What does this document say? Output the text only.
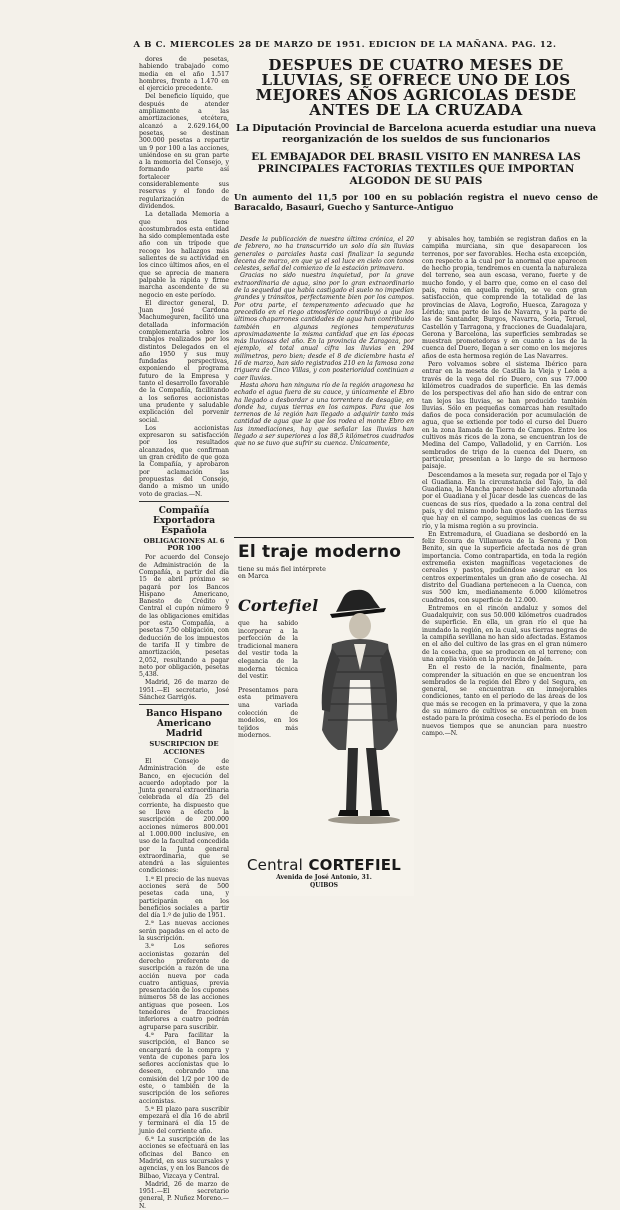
A B C. MIERCOLES 28 DE MARZO DE 1951. EDICION DE LA MAÑANA. PAG. 12.

dores de pesetas, habiendo trabajado como media en el año 1.517 hombres, frente a 1.470 en el ejercicio precedente.

Del beneficio líquido, que después de atender ampliamente a las amortizaciones, etcétera, alcanzó a 2.629.164,00 pesetas, se destinan 300.000 pesetas a repartir un 9 por 100 a las acciones, uniéndose en su gran parte a la memoria del Consejo, y formando parte así fortalecer considerablemente sus reservas y el fondo de regularización de dividendos.

La detallada Memoria a que nos tiene acostumbrados esta entidad ha sido complementada este año con un trípode que recoge los hallazgos más salientes de su actividad en los cinco últimos años, en el que se aprecia de manera palpable la rápida y firme marcha ascendente de su negocio en este período.

El director general, D. Juan José Cardona Machumeguren, facilitó una detallada información complementaria sobre los trabajos realizados por los distintos Delegados en el año 1950 y sus muy fundadas perspectivas, exponiendo el programa futuro de la Empresa y tanto el desarrollo favorable de la Compañía, facilitando a los señores accionistas una prudente y saludable explicación del porvenir social.

Los accionistas expresaron su satisfacción por los resultados alcanzados, que confirman un gran crédito de que goza la Compañía, y aprobaron por aclamación las propuestas del Consejo, dando a mismo un unido voto de gracias.—N.

Compañía Exportadora Española
OBLIGACIONES AL 6 POR 100

Por acuerdo del Consejo de Administración de la Compañía, a partir del día 15 de abril próximo se pagará por los Bancos Hispano Americano, Banesto de Crédito y Central el cupón número 9 de las obligaciones emitidas por esta Compañía, a pesetas 7,50 obligación, con deducción de los impuestos de tarifa II y timbre de amortización, pesetas 2,052, resultando a pagar neto por obligación, pesetas 5,438.

Madrid, 26 de marzo de 1951.—El secretario, José Sánchez Garrigós.

Banco Hispano Americano Madrid
SUSCRIPCION DE ACCIONES

El Consejo de Administración de este Banco, en ejecución del acuerdo adoptado por la Junta general extraordinaria celebrada el día 25 del corriente, ha dispuesto que se lleve a efecto la suscripción de 200.000 acciones números 800.001 al 1.000.000 inclusive, en uso de la facultad concedida por la Junta general extraordinaria, que se atendrá a las siguientes condiciones:

1.ª El precio de las nuevas acciones será de 500 pesetas cada una, y participarán en los beneficios sociales a partir del día 1.º de julio de 1951.

2.ª Las nuevas acciones serán pagadas en el acto de la suscripción.

3.ª Los señores accionistas gozarán del derecho preferente de suscripción a razón de una acción nueva por cada cuatro antiguas, previa presentación de los cupones números 58 de las acciones antiguas que poseen. Los tenedores de fracciones inferiores a cuatro podrán agruparse para suscribir.

4.ª Para facilitar la suscripción, el Banco se encargará de la compra y venta de cupones para los señores accionistas que lo deseen, cobrando una comisión del 1/2 por 100 de este, o también de la suscripción de los señores accionistas.

5.ª El plazo para suscribir empezará el día 16 de abril y terminará el día 15 de junio del corriente año.

6.ª La suscripción de las acciones se efectuará en las oficinas del Banco en Madrid, en sus sucursales y agencias, y en los Bancos de Bilbao, Vizcaya y Central.

Madrid, 26 de marzo de 1951.—El secretario general, P. Nuñez Moreno.—N.

DESPUES DE CUATRO MESES DE LLUVIAS, SE OFRECE UNO DE LOS MEJORES AÑOS AGRICOLAS DESDE ANTES DE LA CRUZADA
La Diputación Provincial de Barcelona acuerda estudiar una nueva reorganización de los sueldos de sus funcionarios
EL EMBAJADOR DEL BRASIL VISITO EN MANRESA LAS PRINCIPALES FACTORIAS TEXTILES QUE IMPORTAN ALGODON DE SU PAIS
Un aumento del 11,5 por 100 en su población registra el nuevo censo de Baracaldo, Basauri, Guecho y Santurce-Antiguo

Desde la publicación de nuestra última crónica, el 20 de febrero, no ha transcurrido un solo día sin lluvias generales o parciales hasta casi finalizar la segunda decena de marzo, en que ya el sol luce en cielo con tonos celestes, señal del comienzo de la estación primavera.

Gracias no sido nuestra inquietud, por la grave extraordinaria de agua, sino por lo gran extraordinario de la sequedad que había castigado el suelo no impedían grandes y tránsitos, perfectamente bien por los campos. Por otra parte, el temperamento adecuado que ha precedido en el riego atmosférico contribuyó a que los últimos chaparrones cantidades de agua han contribuido también en algunas regiones temperaturas aproximadamente la misma cantidad que en las épocas más lluviosas del año. En la provincia de Zaragoza, por ejemplo, el total anual cifra las lluvias en 294 milímetros, pero bien; desde el 8 de diciembre hasta el 16 de marzo, han sido registrados 210 en la famosa zona triguera de Cinco Villas, y con posterioridad continúan a caer lluvias.

Hasta ahora han ninguna río de la región aragonesa ha echado el agua fuera de su cauce, y únicamente el Ebro ha llegado a desbordar a una torrentera de desagüe, en donde ha, cuyas tierras en los campos. Para que los terrenos de la región han llegado a adquirir tanto más cantidad de agua que la que los rodea el monte Ebro en las inmediaciones, hay que señalar las lluvias han llegado a ser superiores a los 88,5 kilómetros cuadrados que no se tuvo que sufrir su cuenca. Únicamente,

y abisales hoy, también se registran daños en la campiña murciana, sin que desaparecen los terrenos, por ser favorables. Hecha esta excepción, con respecto a la cual por la anormal que aparecen de hecho propia, tendremos en cuenta la naturaleza del terreno, sea aun escasa, verano, fuerte y de mucho fondo, y el barro que, como en el caso del país, reina en aquella región, se ve con gran satisfacción, que comprende la totalidad de las provincias de Alava, Logroño, Huesca, Zaragoza y Lérida; una parte de las de Navarra, y la parte de las de Santander, Burgos, Navarra, Soria, Teruel, Castellón y Tarragona, y fracciones de Guadalajara, Gerona y Barcelona, las superficies sembradas se muestran prometedoras y en cuanto a las de la cuenca del Duero, llegan a ser como en los mejores años de esta hermosa región de Las Navarres.

Pero volvamos sobre el sistema Ibérico para entrar en la meseta de Castilla la Vieja y León a través de la vega del río Duero, con sus 77.000 kilómetros cuadrados de superficie. En las demás de los perspectivas del año han sido de entrar con tan lejos las lluvias, se han producido también lluvias. Sólo en pequeñas comarcas han resultado daños de poca consideración por acumulación de agua, que se extiende por todo el curso del Duero en la zona llamada de Tierra de Campos. Entre los cultivos más ricos de la zona, se encuentran los de Medina del Campo, Valladolid, y en Carrión. Los sembrados de trigo de la cuenca del Duero, en particular, presentan a lo largo de su hermoso paisaje.

Descendamos a la meseta sur, regada por el Tajo y el Guadiana. En la circunstancia del Tajo, la del Guadiana, la Mancha parece haber sido afortunada por el Guadiana y el Júcar desde las cuencas de las cuencas de sus ríos, quedado a la zona central del país, y del mismo modo han quedado en las tierras que hay en el campo, seguimos las cuencas de su río, y la misma región a su provincia.

En Extremadura, el Guadiana se desbordó en la feliz Ecoura de Villanueva de la Serena y Don Benito, sin que la superficie afectada nos de gran importancia. Como contrapartida, en toda la región extremeña existen magníficas vegetaciones de cereales y pastos, pudiéndose asegurar en los centros experimentales un gran año de cosecha. Al distrito del Guadiana pertenecen a la Cuenca, con sus 500 km, medianamente 6.000 kilómetros cuadrados, con superficie de 12.000.

Entremos en el rincón andaluz y somos del Guadalquivir, con sus 50.000 kilómetros cuadrados de superficie. En ella, un gran río el que ha inundado la región, en la cual, sus tierras negras de la campiña sevillana no han sido afectadas. Estamos en el año del cultivo de las gras en el gran número de la cosecha, que se producen en el terreno; con una amplia visión en la provincia de Jaén.

En el resto de la nación, finalmente, para comprender la situación en que se encuentran los sembrados de la región del Ebro y del Segura, en general, se encuentran en inmejorables condiciones, tanto en el período de las áreas de los que más se recogen en la primavera, y que la zona de su número de cultivos se encuentran en buen estado para la próxima cosecha. Es el período de los nuevos tiempos que se anuncian para nuestro campo.—N.

El traje moderno
tiene su más fiel intérprete en Marca
Cortefiel

que ha sabido incorporar a la perfección de la tradicional manera del vestir toda la elegancia de la moderna técnica del vestir.

Presentamos para esta primavera una variada colección de modelos, en los tejidos más modernos.

Central CORTEFIEL
Avenida de José Antonio, 31.
QUIBOS
